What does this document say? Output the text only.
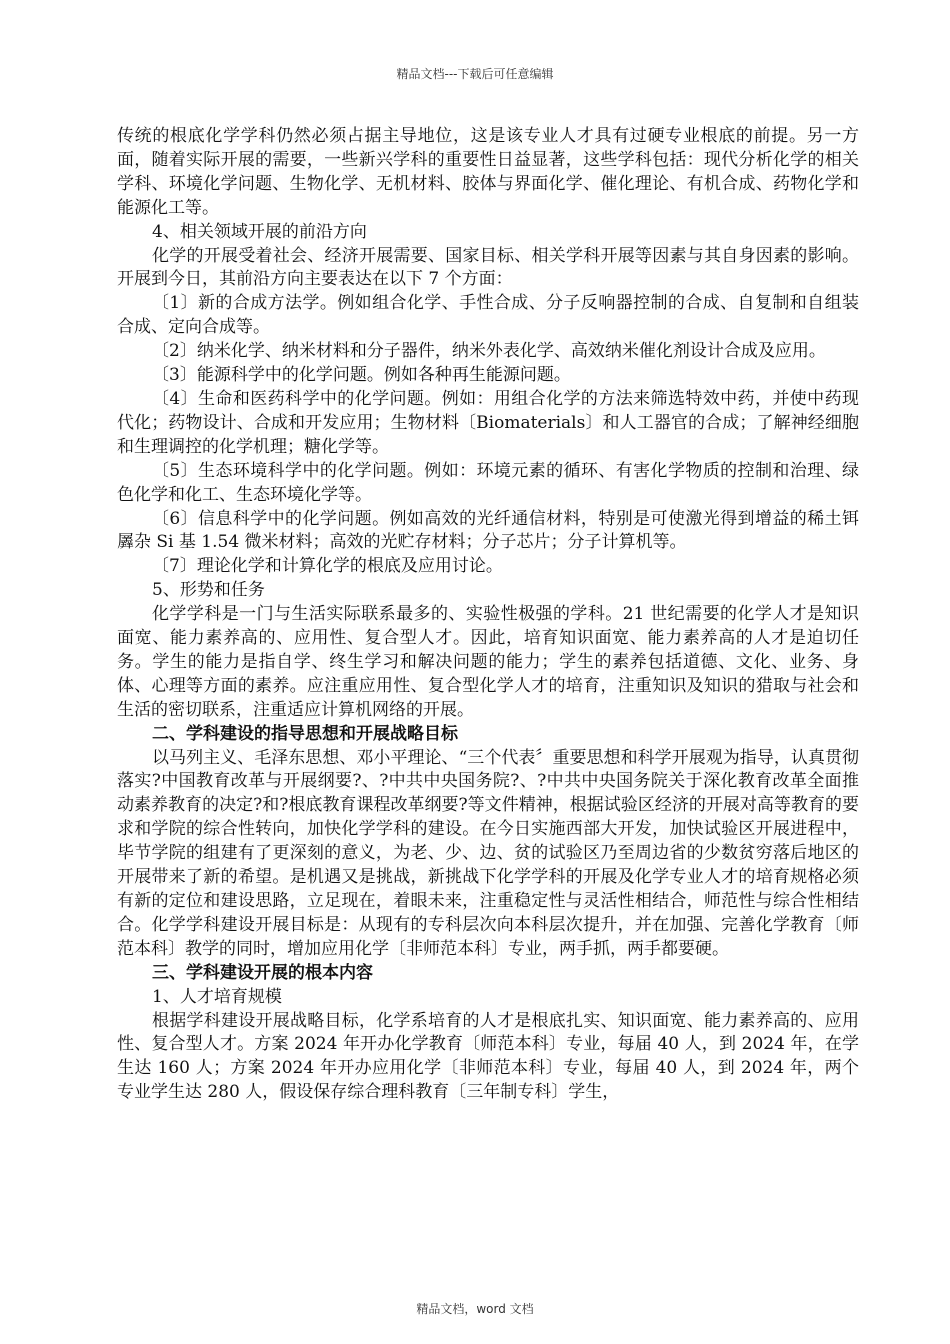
精品文档---下载后可任意编辑

传统的根底化学学科仍然必须占据主导地位，这是该专业人才具有过硬专业根底的前提。另一方面，随着实际开展的需要，一些新兴学科的重要性日益显著，这些学科包括：现代分析化学的相关学科、环境化学问题、生物化学、无机材料、胶体与界面化学、催化理论、有机合成、药物化学和能源化工等。

4、相关领域开展的前沿方向

化学的开展受着社会、经济开展需要、国家目标、相关学科开展等因素与其自身因素的影响。开展到今日，其前沿方向主要表达在以下 7 个方面：

〔1〕新的合成方法学。例如组合化学、手性合成、分子反响器控制的合成、自复制和自组装合成、定向合成等。

〔2〕纳米化学、纳米材料和分子器件，纳米外表化学、高效纳米催化剂设计合成及应用。

〔3〕能源科学中的化学问题。例如各种再生能源问题。

〔4〕生命和医药科学中的化学问题。例如：用组合化学的方法来筛选特效中药，并使中药现代化；药物设计、合成和开发应用；生物材料〔Biomaterials〕和人工器官的合成；了解神经细胞和生理调控的化学机理；糖化学等。

〔5〕生态环境科学中的化学问题。例如：环境元素的循环、有害化学物质的控制和治理、绿色化学和化工、生态环境化学等。

〔6〕信息科学中的化学问题。例如高效的光纤通信材料，特别是可使激光得到增益的稀土铒羼杂 Si 基 1.54 微米材料；高效的光贮存材料；分子芯片；分子计算机等。

〔7〕理论化学和计算化学的根底及应用讨论。

5、形势和任务

化学学科是一门与生活实际联系最多的、实验性极强的学科。21 世纪需要的化学人才是知识面宽、能力素养高的、应用性、复合型人才。因此，培育知识面宽、能力素养高的人才是迫切任务。学生的能力是指自学、终生学习和解决问题的能力；学生的素养包括道德、文化、业务、身体、心理等方面的素养。应注重应用性、复合型化学人才的培育，注重知识及知识的猎取与社会和生活的密切联系，注重适应计算机网络的开展。

二、学科建设的指导思想和开展战略目标

以马列主义、毛泽东思想、邓小平理论、“三个代表〞重要思想和科学开展观为指导，认真贯彻落实?中国教育改革与开展纲要?、?中共中央国务院?、?中共中央国务院关于深化教育改革全面推动素养教育的决定?和?根底教育课程改革纲要?等文件精神，根据试验区经济的开展对高等教育的要求和学院的综合性转向，加快化学学科的建设。在今日实施西部大开发，加快试验区开展进程中，毕节学院的组建有了更深刻的意义，为老、少、边、贫的试验区乃至周边省的少数贫穷落后地区的开展带来了新的希望。是机遇又是挑战，新挑战下化学学科的开展及化学专业人才的培育规格必须有新的定位和建设思路，立足现在，着眼未来，注重稳定性与灵活性相结合，师范性与综合性相结合。化学学科建设开展目标是：从现有的专科层次向本科层次提升，并在加强、完善化学教育〔师范本科〕教学的同时，增加应用化学〔非师范本科〕专业，两手抓，两手都要硬。

三、学科建设开展的根本内容

1、人才培育规模

根据学科建设开展战略目标，化学系培育的人才是根底扎实、知识面宽、能力素养高的、应用性、复合型人才。方案 2024 年开办化学教育〔师范本科〕专业，每届 40 人，到 2024 年，在学生达 160 人；方案 2024 年开办应用化学〔非师范本科〕专业，每届 40 人，到 2024 年，两个专业学生达 280 人，假设保存综合理科教育〔三年制专科〕学生，

精品文档，word 文档
